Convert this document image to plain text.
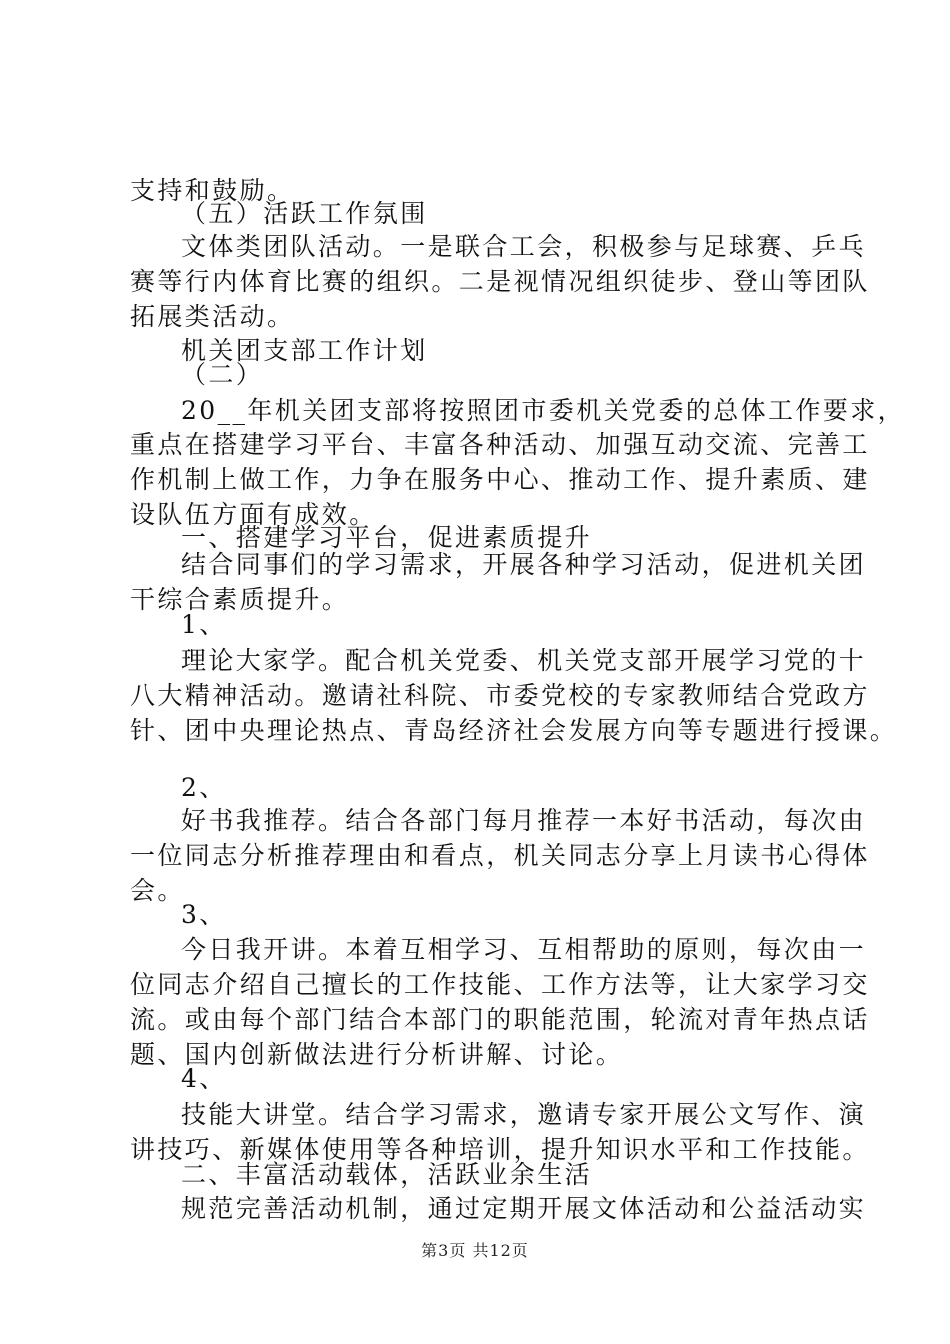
支持和鼓励。
（五）活跃工作氛围
文体类团队活动。一是联合工会，积极参与足球赛、乒乓
赛等行内体育比赛的组织。二是视情况组织徒步、登山等团队
拓展类活动。
机关团支部工作计划
（二）
20__年机关团支部将按照团市委机关党委的总体工作要求，
重点在搭建学习平台、丰富各种活动、加强互动交流、完善工
作机制上做工作，力争在服务中心、推动工作、提升素质、建
设队伍方面有成效。
一、搭建学习平台，促进素质提升
结合同事们的学习需求，开展各种学习活动，促进机关团
干综合素质提升。
1、
理论大家学。配合机关党委、机关党支部开展学习党的十
八大精神活动。邀请社科院、市委党校的专家教师结合党政方
针、团中央理论热点、青岛经济社会发展方向等专题进行授课。
2、
好书我推荐。结合各部门每月推荐一本好书活动，每次由
一位同志分析推荐理由和看点，机关同志分享上月读书心得体
会。
3、
今日我开讲。本着互相学习、互相帮助的原则，每次由一
位同志介绍自己擅长的工作技能、工作方法等，让大家学习交
流。或由每个部门结合本部门的职能范围，轮流对青年热点话
题、国内创新做法进行分析讲解、讨论。
4、
技能大讲堂。结合学习需求，邀请专家开展公文写作、演
讲技巧、新媒体使用等各种培训，提升知识水平和工作技能。
二、丰富活动载体，活跃业余生活
规范完善活动机制，通过定期开展文体活动和公益活动实
第3页 共12页
